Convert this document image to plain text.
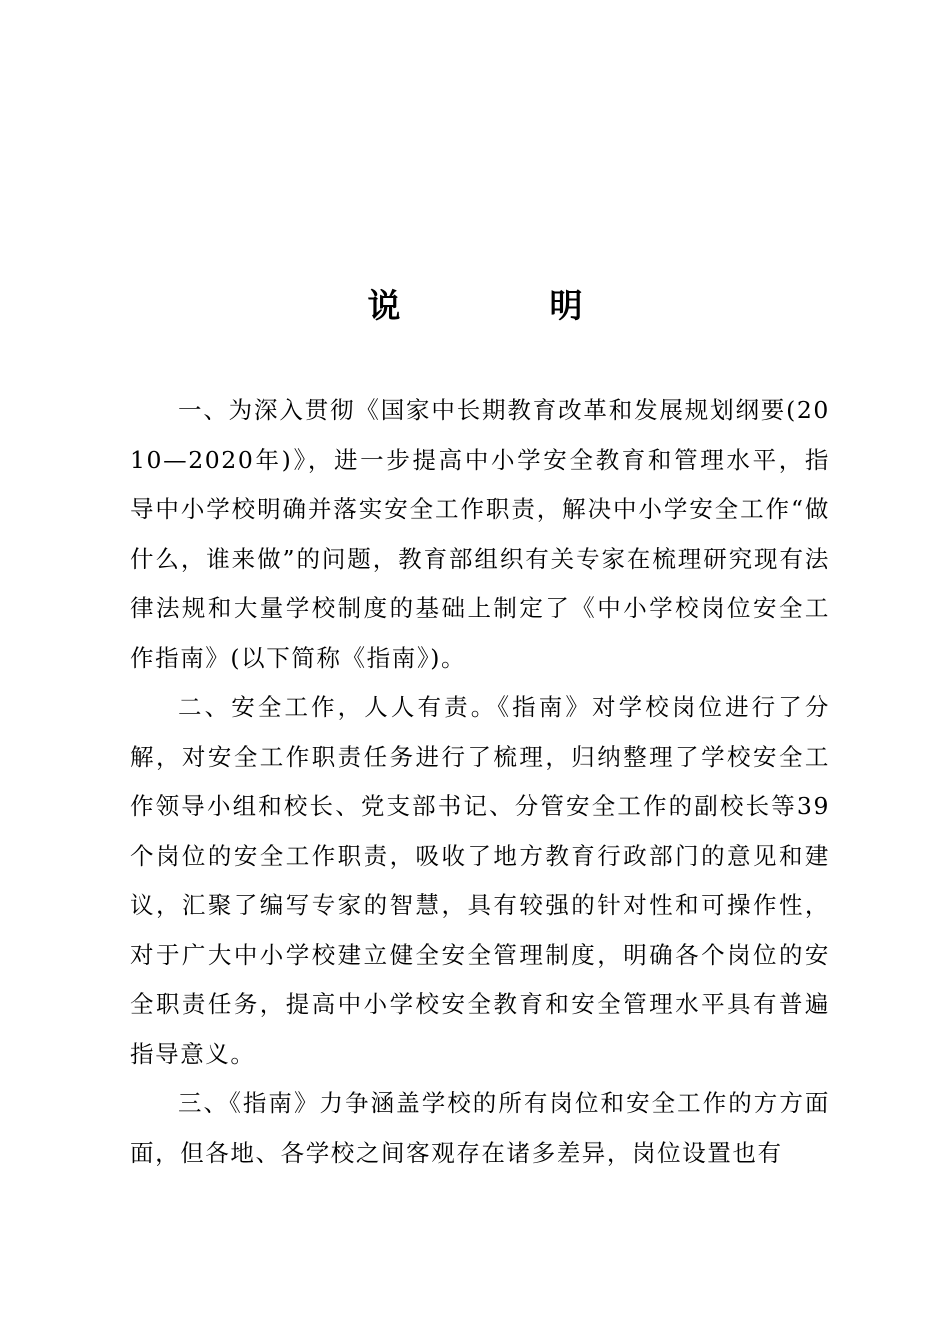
说　明

一、为深入贯彻《国家中长期教育改革和发展规划纲要(2010—2020年)》，进一步提高中小学安全教育和管理水平，指导中小学校明确并落实安全工作职责，解决中小学安全工作“做什么，谁来做”的问题，教育部组织有关专家在梳理研究现有法律法规和大量学校制度的基础上制定了《中小学校岗位安全工作指南》(以下简称《指南》)。

二、安全工作，人人有责。《指南》对学校岗位进行了分解，对安全工作职责任务进行了梳理，归纳整理了学校安全工作领导小组和校长、党支部书记、分管安全工作的副校长等39个岗位的安全工作职责，吸收了地方教育行政部门的意见和建议，汇聚了编写专家的智慧，具有较强的针对性和可操作性，对于广大中小学校建立健全安全管理制度，明确各个岗位的安全职责任务，提高中小学校安全教育和安全管理水平具有普遍指导意义。

三、《指南》力争涵盖学校的所有岗位和安全工作的方方面面，但各地、各学校之间客观存在诸多差异，岗位设置也有
